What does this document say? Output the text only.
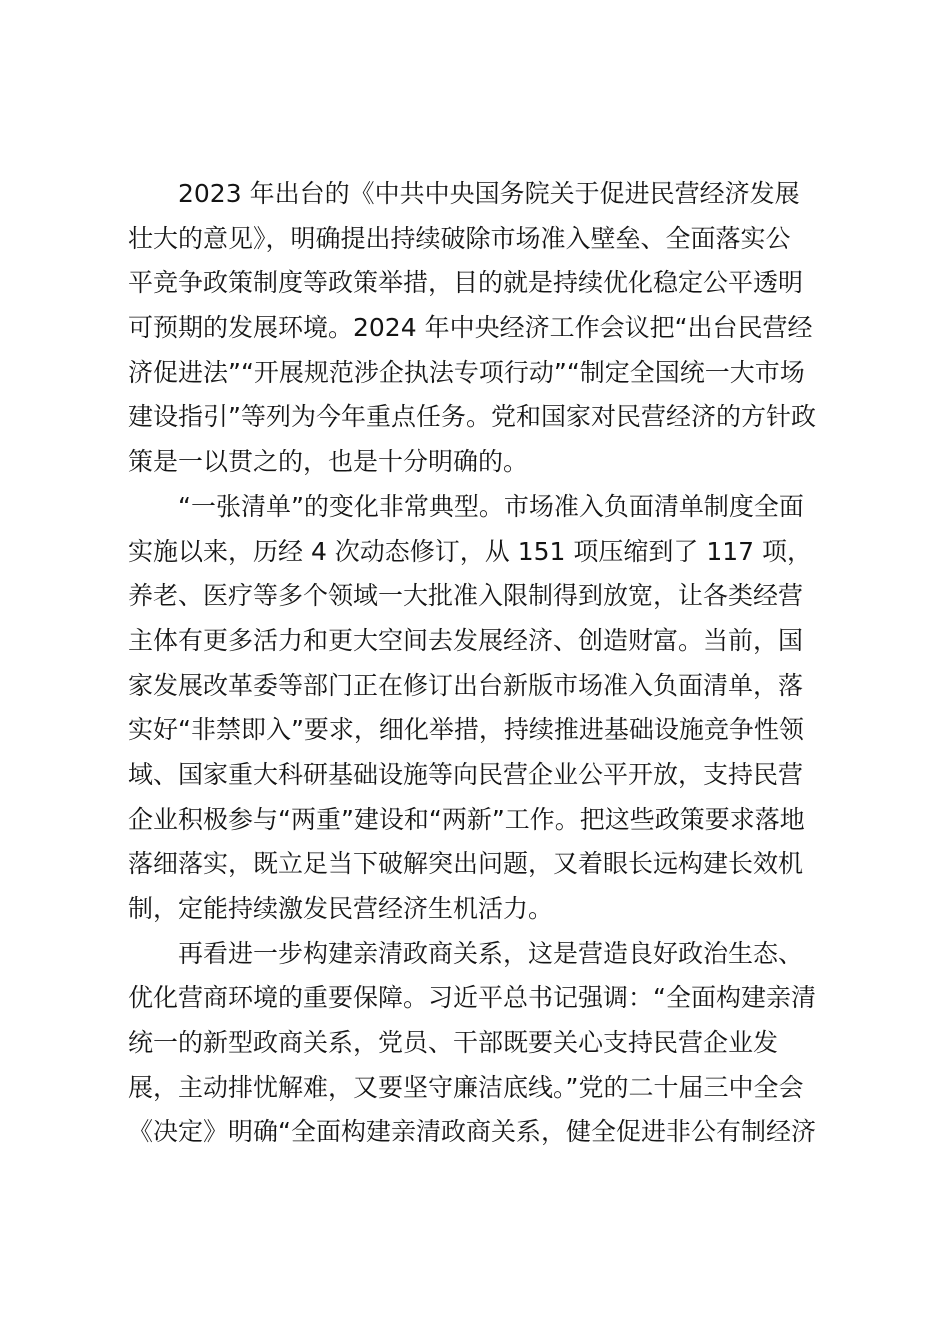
2023 年出台的《中共中央国务院关于促进民营经济发展
壮大的意见》，明确提出持续破除市场准入壁垒、全面落实公
平竞争政策制度等政策举措，目的就是持续优化稳定公平透明
可预期的发展环境。2024 年中央经济工作会议把“出台民营经
济促进法”“开展规范涉企执法专项行动”“制定全国统一大市场
建设指引”等列为今年重点任务。党和国家对民营经济的方针政
策是一以贯之的，也是十分明确的。
“一张清单”的变化非常典型。市场准入负面清单制度全面
实施以来，历经 4 次动态修订，从 151 项压缩到了 117 项，
养老、医疗等多个领域一大批准入限制得到放宽，让各类经营
主体有更多活力和更大空间去发展经济、创造财富。当前，国
家发展改革委等部门正在修订出台新版市场准入负面清单，落
实好“非禁即入”要求，细化举措，持续推进基础设施竞争性领
域、国家重大科研基础设施等向民营企业公平开放，支持民营
企业积极参与“两重”建设和“两新”工作。把这些政策要求落地
落细落实，既立足当下破解突出问题，又着眼长远构建长效机
制，定能持续激发民营经济生机活力。
再看进一步构建亲清政商关系，这是营造良好政治生态、
优化营商环境的重要保障。习近平总书记强调：“全面构建亲清
统一的新型政商关系，党员、干部既要关心支持民营企业发
展，主动排忧解难，又要坚守廉洁底线。”党的二十届三中全会
《决定》明确“全面构建亲清政商关系，健全促进非公有制经济
